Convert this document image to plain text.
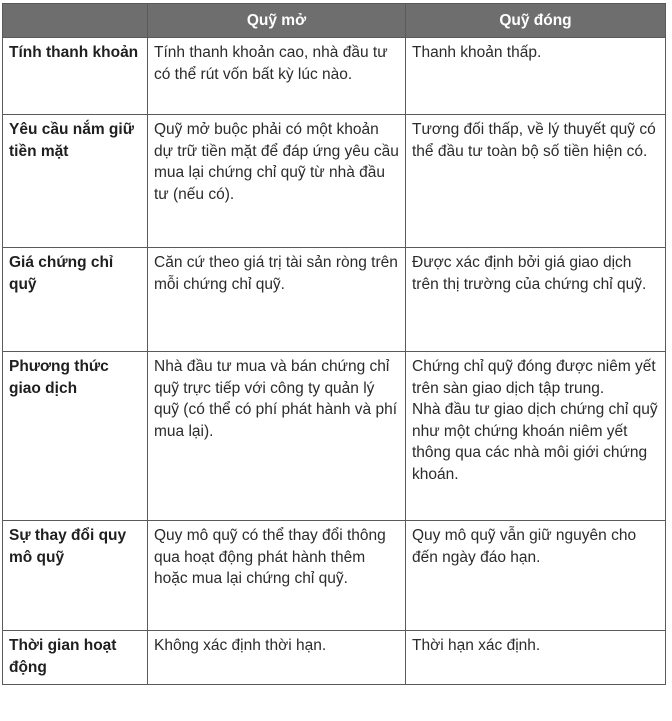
	Quỹ mở	Quỹ đóng
Tính thanh khoản	Tính thanh khoản cao, nhà đầu tư có thể rút vốn bất kỳ lúc nào.	Thanh khoản thấp.
Yêu cầu nắm giữ tiền mặt	Quỹ mở buộc phải có một khoản dự trữ tiền mặt để đáp ứng yêu cầu mua lại chứng chỉ quỹ từ nhà đầu tư (nếu có).	Tương đối thấp, về lý thuyết quỹ có thể đầu tư toàn bộ số tiền hiện có.
Giá chứng chỉ quỹ	Căn cứ theo giá trị tài sản ròng trên mỗi chứng chỉ quỹ.	Được xác định bởi giá giao dịch trên thị trường của chứng chỉ quỹ.
Phương thức giao dịch	Nhà đầu tư mua và bán chứng chỉ quỹ trực tiếp với công ty quản lý quỹ (có thể có phí phát hành và phí mua lại).	Chứng chỉ quỹ đóng được niêm yết trên sàn giao dịch tập trung.
Nhà đầu tư giao dịch chứng chỉ quỹ như một chứng khoán niêm yết thông qua các nhà môi giới chứng khoán.

Sự thay đổi quy mô quỹ	Quy mô quỹ có thể thay đổi thông qua hoạt động phát hành thêm hoặc mua lại chứng chỉ quỹ.	Quy mô quỹ vẫn giữ nguyên cho đến ngày đáo hạn.
Thời gian hoạt động	Không xác định thời hạn.	Thời hạn xác định.
